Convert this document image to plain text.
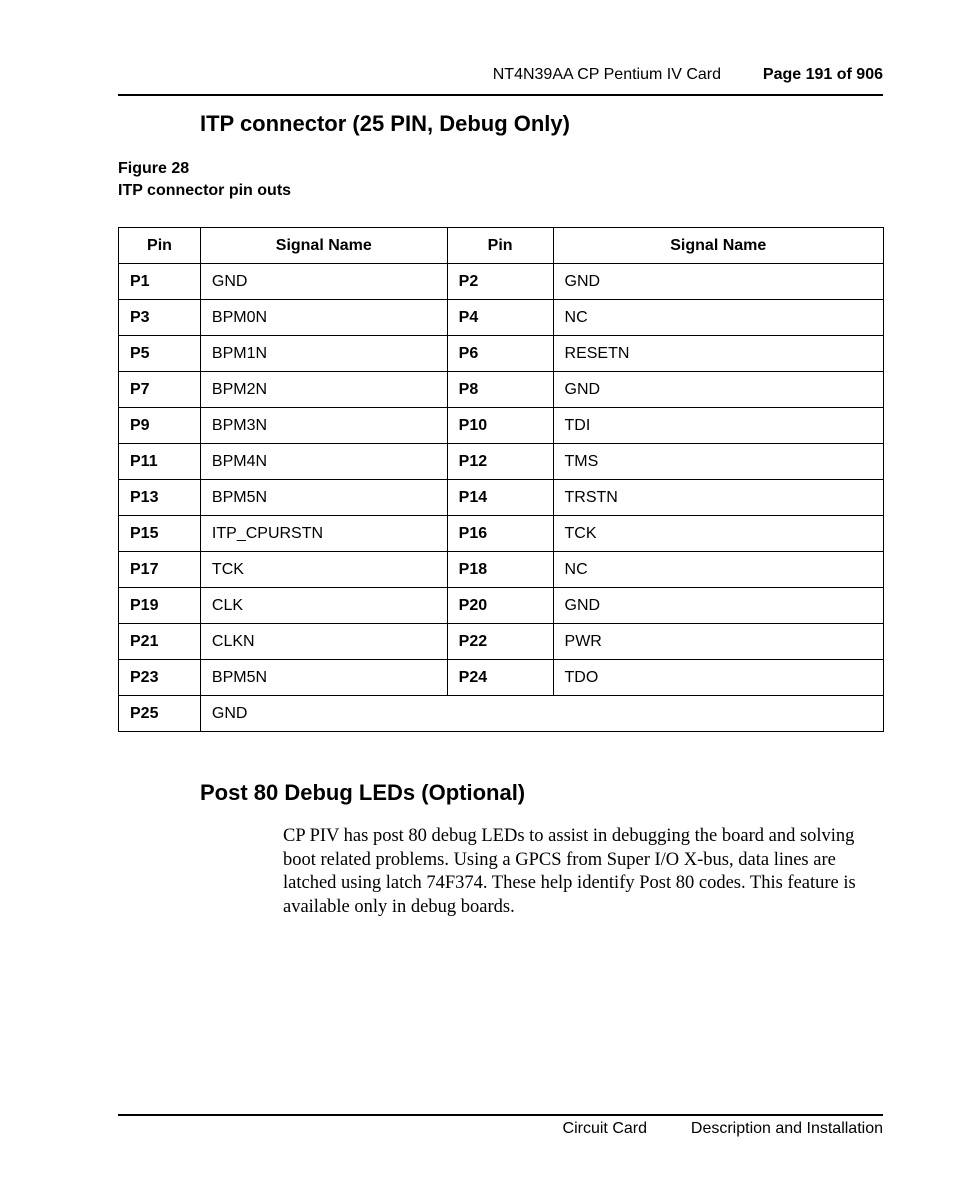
NT4N39AA CP Pentium IV Card	Page 191 of 906
ITP connector (25 PIN, Debug Only)
Figure 28
ITP connector pin outs
Pin	Signal Name	Pin	Signal Name
P1	GND	P2	GND
P3	BPM0N	P4	NC
P5	BPM1N	P6	RESETN
P7	BPM2N	P8	GND
P9	BPM3N	P10	TDI
P11	BPM4N	P12	TMS
P13	BPM5N	P14	TRSTN
P15	ITP_CPURSTN	P16	TCK
P17	TCK	P18	NC
P19	CLK	P20	GND
P21	CLKN	P22	PWR
P23	BPM5N	P24	TDO
P25	GND		
Post 80 Debug LEDs (Optional)
CP PIV has post 80 debug LEDs to assist in debugging the board and solving boot related problems. Using a GPCS from Super I/O X-bus, data lines are latched using latch 74F374. These help identify Post 80 codes. This feature is available only in debug boards.
Circuit Card	Description and Installation
